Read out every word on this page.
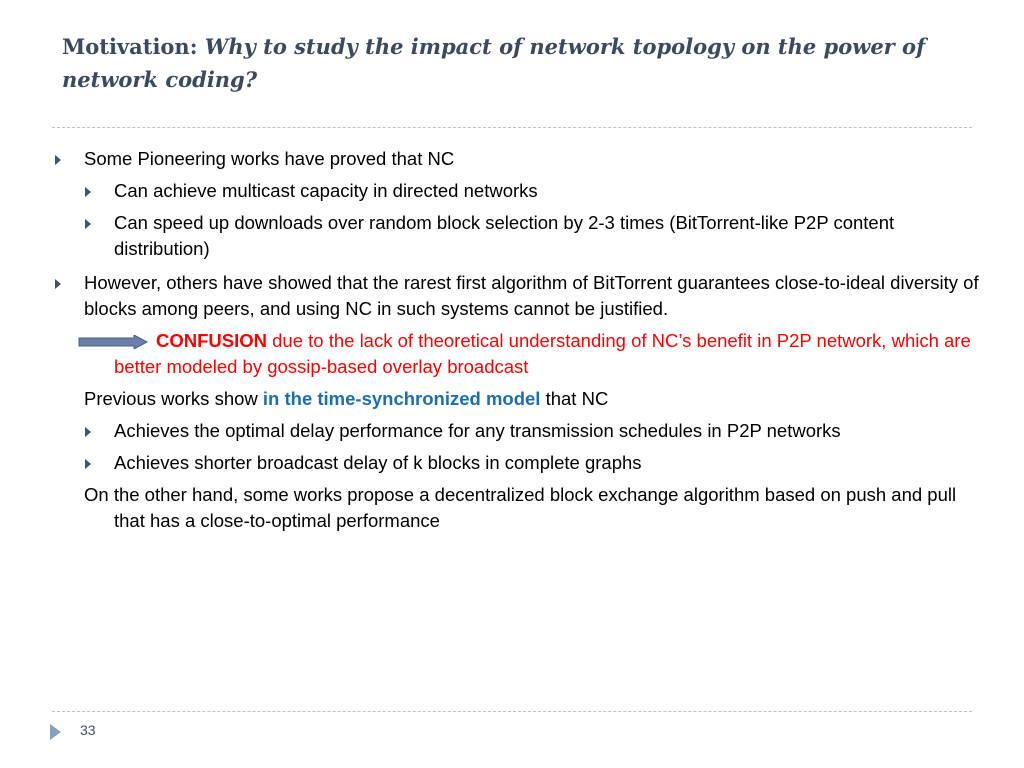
Motivation: Why to study the impact of network topology on the power of network coding?

Some Pioneering works have proved that NC

Can achieve multicast capacity in directed networks

Can speed up downloads over random block selection by 2-3 times (BitTorrent-like P2P content distribution)

However, others have showed that the rarest first algorithm of BitTorrent guarantees close-to-ideal diversity of blocks among peers, and using NC in such systems cannot be justified.

CONFUSION due to the lack of theoretical understanding of NC’s benefit in P2P network, which are better modeled by gossip-based overlay broadcast

Previous works show in the time-synchronized model that NC

Achieves the optimal delay performance for any transmission schedules in P2P networks

Achieves shorter broadcast delay of k blocks in complete graphs

On the other hand, some works propose a decentralized block exchange algorithm based on push and pull that has a close-to-optimal performance

33
